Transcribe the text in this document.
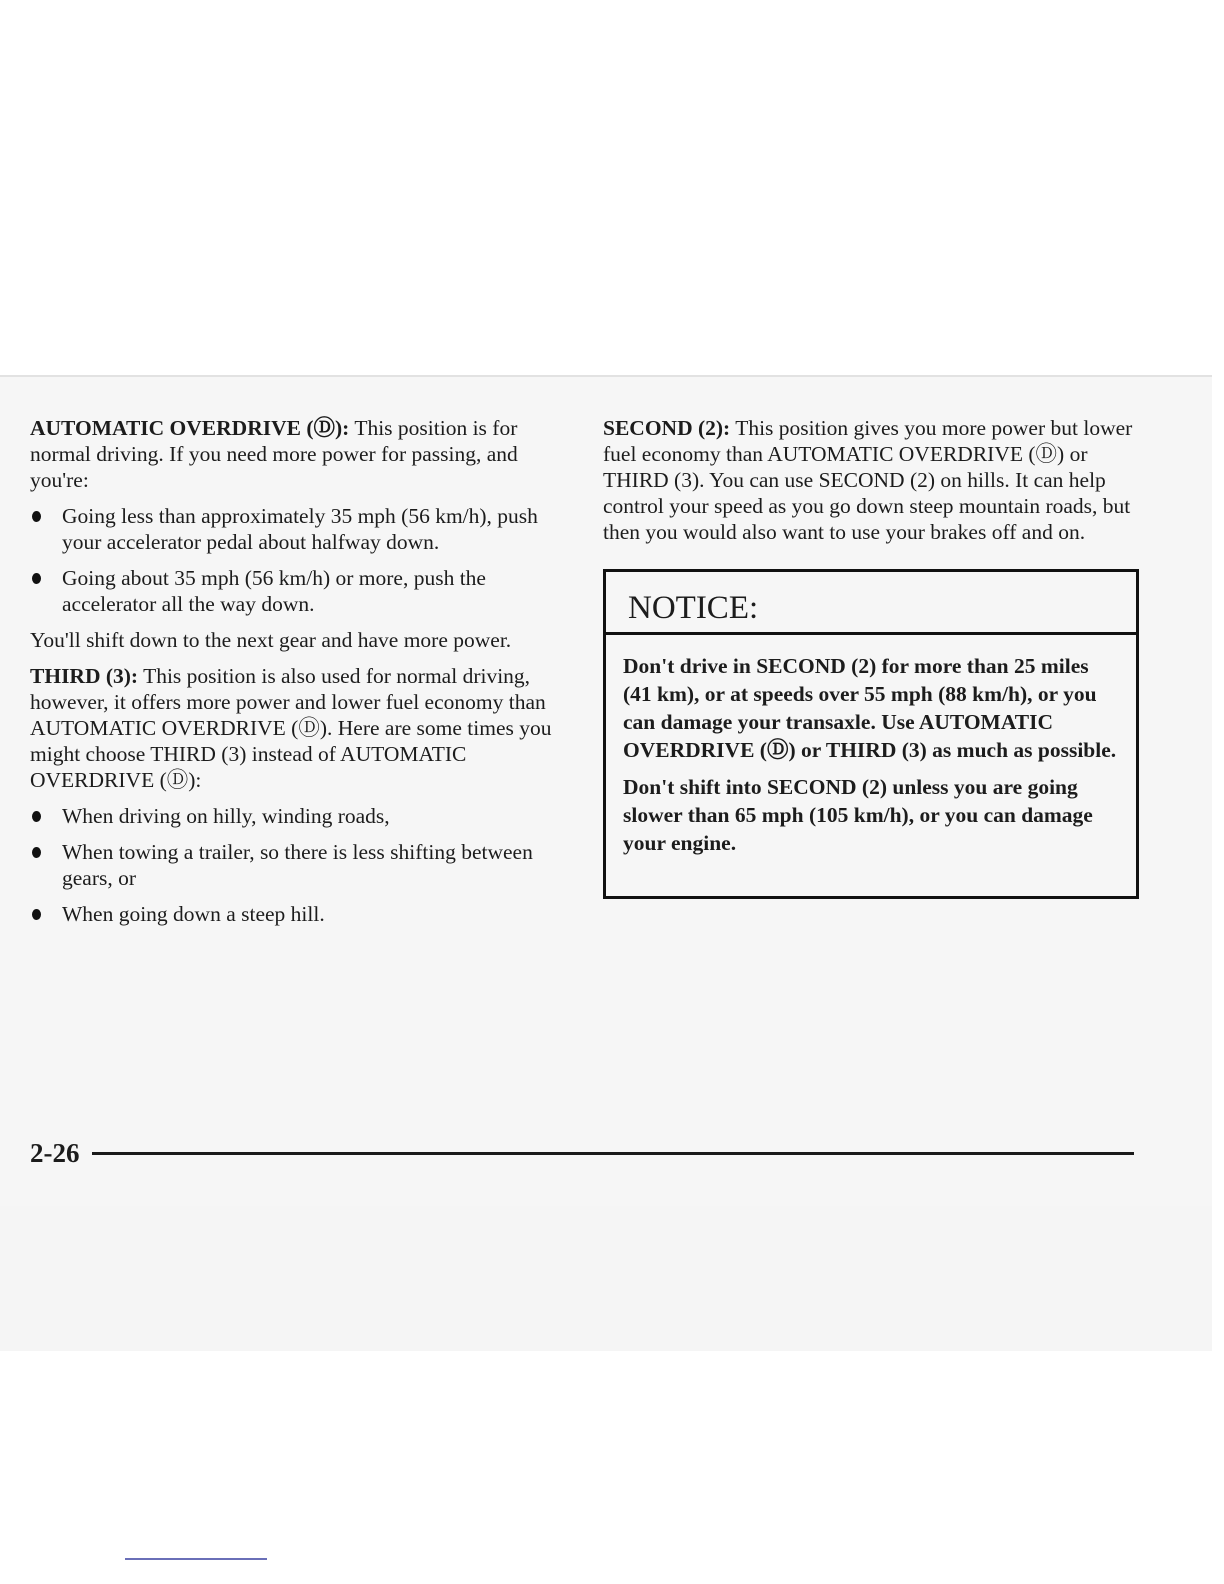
AUTOMATIC OVERDRIVE (Ⓓ): This position is for normal driving. If you need more power for passing, and you're:

Going less than approximately 35 mph (56 km/h), push your accelerator pedal about halfway down.
Going about 35 mph (56 km/h) or more, push the accelerator all the way down.

You'll shift down to the next gear and have more power.

THIRD (3): This position is also used for normal driving, however, it offers more power and lower fuel economy than AUTOMATIC OVERDRIVE (Ⓓ). Here are some times you might choose THIRD (3) instead of AUTOMATIC OVERDRIVE (Ⓓ):

When driving on hilly, winding roads,
When towing a trailer, so there is less shifting between gears, or
When going down a steep hill.

SECOND (2): This position gives you more power but lower fuel economy than AUTOMATIC OVERDRIVE (Ⓓ) or THIRD (3). You can use SECOND (2) on hills. It can help control your speed as you go down steep mountain roads, but then you would also want to use your brakes off and on.

NOTICE:

Don't drive in SECOND (2) for more than 25 miles (41 km), or at speeds over 55 mph (88 km/h), or you can damage your transaxle. Use AUTOMATIC OVERDRIVE (Ⓓ) or THIRD (3) as much as possible.

Don't shift into SECOND (2) unless you are going slower than 65 mph (105 km/h), or you can damage your engine.

2-26
